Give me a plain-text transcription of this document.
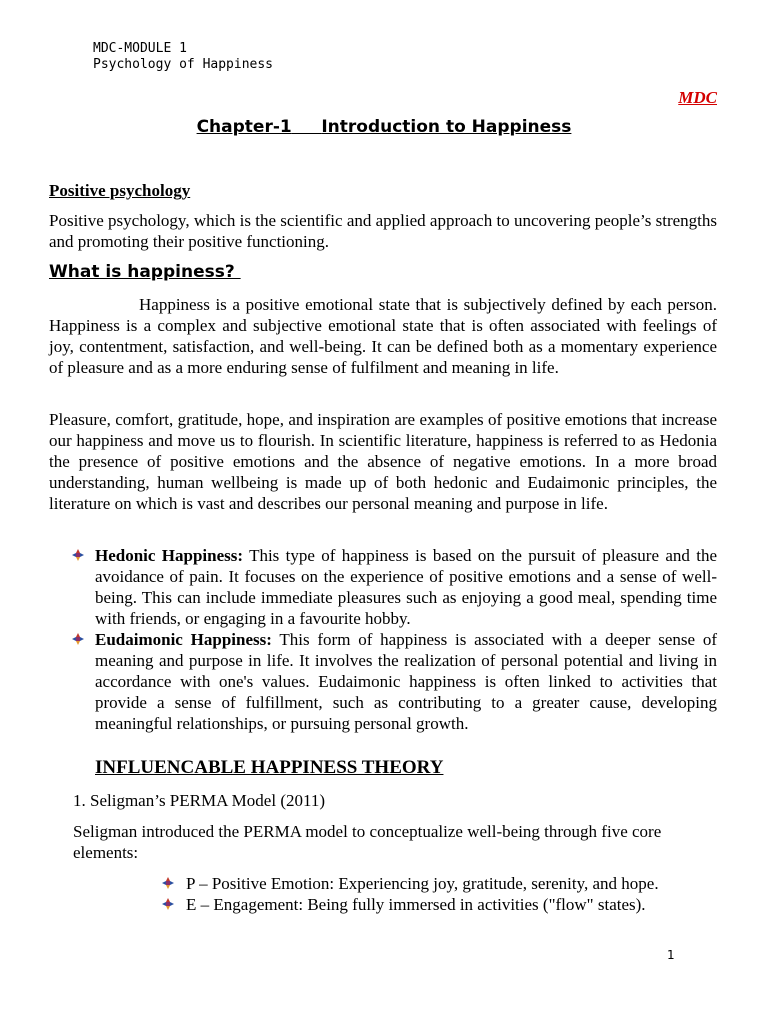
MDC-MODULE 1
Psychology of Happiness
MDC
Chapter-1 Introduction to Happiness
Positive psychology
Positive psychology, which is the scientific and applied approach to uncovering people’s strengths and promoting their positive functioning.
What is happiness?
Happiness is a positive emotional state that is subjectively defined by each person. Happiness is a complex and subjective emotional state that is often associated with feelings of joy, contentment, satisfaction, and well-being. It can be defined both as a momentary experience of pleasure and as a more enduring sense of fulfilment and meaning in life.
Pleasure, comfort, gratitude, hope, and inspiration are examples of positive emotions that increase our happiness and move us to flourish. In scientific literature, happiness is referred to as Hedonia the presence of positive emotions and the absence of negative emotions. In a more broad understanding, human wellbeing is made up of both hedonic and Eudaimonic principles, the literature on which is vast and describes our personal meaning and purpose in life.
Hedonic Happiness: This type of happiness is based on the pursuit of pleasure and the avoidance of pain. It focuses on the experience of positive emotions and a sense of well-being. This can include immediate pleasures such as enjoying a good meal, spending time with friends, or engaging in a favourite hobby.
Eudaimonic Happiness: This form of happiness is associated with a deeper sense of meaning and purpose in life. It involves the realization of personal potential and living in accordance with one's values. Eudaimonic happiness is often linked to activities that provide a sense of fulfillment, such as contributing to a greater cause, developing meaningful relationships, or pursuing personal growth.
INFLUENCABLE HAPPINESS THEORY
1. Seligman’s PERMA Model (2011)
Seligman introduced the PERMA model to conceptualize well-being through five core elements:
P – Positive Emotion: Experiencing joy, gratitude, serenity, and hope.
E – Engagement: Being fully immersed in activities ("flow" states).
1
